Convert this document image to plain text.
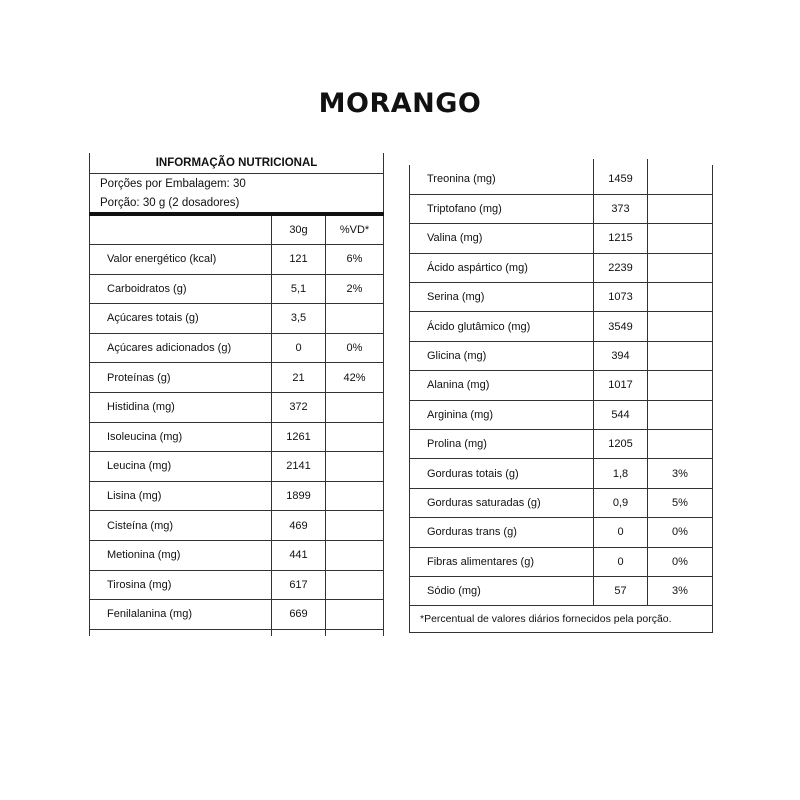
MORANGO
INFORMAÇÃO NUTRICIONAL		
Porções por Embalagem: 30		
Porção: 30 g (2 dosadores)		
	30g	%VD*
Valor energético (kcal)	121	6%
Carboidratos (g)	5,1	2%
Açúcares totais (g)	3,5	
Açúcares adicionados (g)	0	0%
Proteínas (g)	21	42%
Histidina (mg)	372	
Isoleucina (mg)	1261	
Leucina (mg)	2141	
Lisina (mg)	1899	
Cisteína (mg)	469	
Metionina (mg)	441	
Tirosina (mg)	617	
Fenilalanina (mg)	669	

Treonina (mg)	1459	
Triptofano (mg)	373	
Valina (mg)	1215	
Ácido aspártico (mg)	2239	
Serina (mg)	1073	
Ácido glutâmico (mg)	3549	
Glicina (mg)	394	
Alanina (mg)	1017	
Arginina (mg)	544	
Prolina (mg)	1205	
Gorduras totais (g)	1,8	3%
Gorduras saturadas (g)	0,9	5%
Gorduras trans (g)	0	0%
Fibras alimentares (g)	0	0%
Sódio (mg)	57	3%
*Percentual de valores diários fornecidos pela porção.		
